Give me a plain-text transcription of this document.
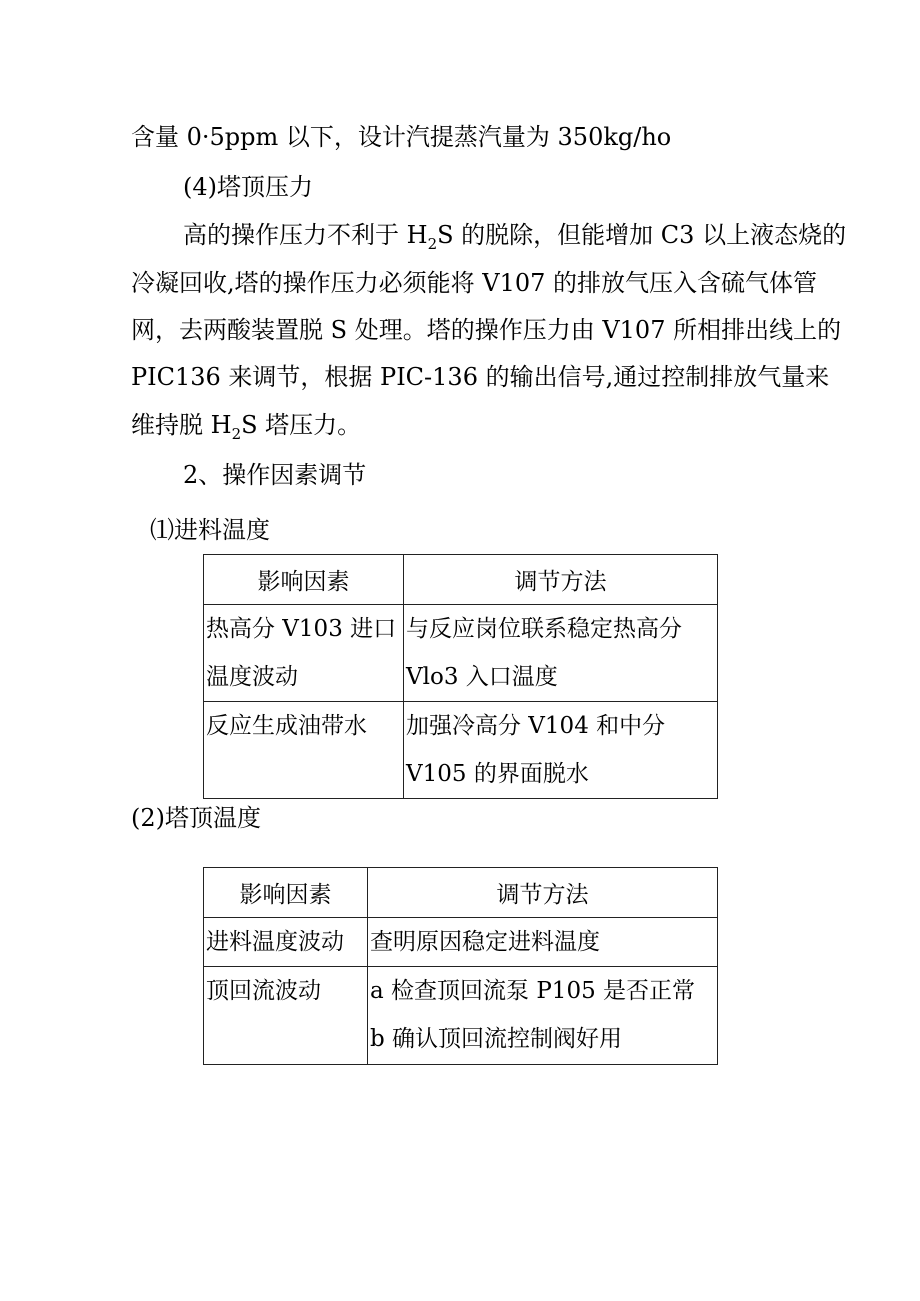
含量 0·5ppm 以下，设计汽提蒸汽量为 350kg/ho
(4)塔顶压力
高的操作压力不利于 $H_2S$ 的脱除，但能增加 C3 以上液态烧的
冷凝回收,塔的操作压力必须能将 V107 的排放气压入含硫气体管
网，去两酸装置脱 S 处理。塔的操作压力由 V107 所相排出线上的
PIC136 来调节，根据 PIC-136 的输出信号,通过控制排放气量来
维持脱 $H_2S$ 塔压力。
2、操作因素调节
⑴进料温度
影响因素	调节方法

热高分 V103 进口
温度波动	与反应岗位联系稳定热高分
Vlo3 入口温度

反应生成油带水	加强冷高分 V104 和中分
V105 的界面脱水
(2)塔顶温度
影响因素	调节方法

进料温度波动	查明原因稳定进料温度

顶回流波动	a 检查顶回流泵 P105 是否正常
b 确认顶回流控制阀好用
